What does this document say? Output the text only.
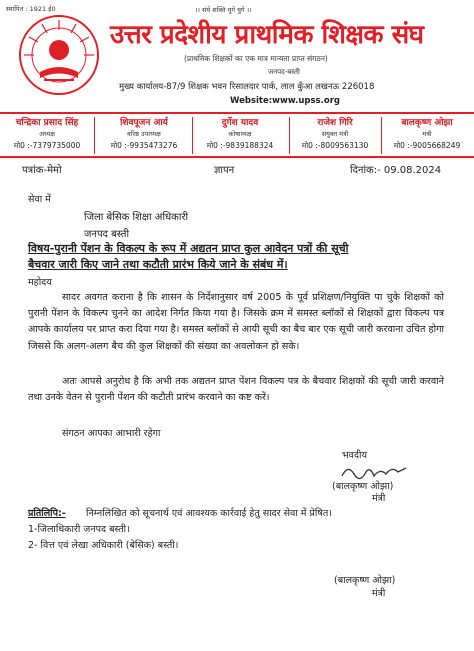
स्थापित : 1921 ई0	।। संघे शक्ति युगे युगे ।।
उत्तर प्रदेशीय प्राथमिक शिक्षक संघ
(प्राथमिक शिक्षकों का एक मात्र मान्यता प्राप्त संगठन)
जनपद-बस्ती
मुख्य कार्यालय-87/9 शिक्षक भवन रिसालदार पार्क, लाल कुँआ लखनऊ 226018
Website:www.upss.org
चन्द्रिका प्रसाद सिंह
अध्यक्ष
मो0 :-7379735000
शिवपूजन आर्य
वरिष्ठ उपाध्यक्ष
मो0 :-9935473276
दुर्गेश यादव
कोषाध्यक्ष
मो0 :-9839188324
राजेश गिरि
संयुक्त मंत्री
मो0 :-8009563130
बालकृष्ण ओझा
मंत्री
मो0 :-9005668249
पत्रांक-मेमो	ज्ञापन	दिनांक:- 09.08.2024
सेवा में
जिला बेसिक शिक्षा अधिकारी
जनपद बस्ती
विषय-पुरानी पेंशन के विकल्प के रूप में अद्यतन प्राप्त कुल आवेदन पत्रों की सूची
बैचवार जारी किए जाने तथा कटौती प्रारंभ किये जाने के संबंध में।
महोदय
सादर अवगत कराना है कि शासन के निर्देशानुसार वर्ष 2005 के पूर्व प्रशिक्षण/नियुक्ति पा चुके शिक्षकों को पुरानी पेंशन के विकल्प चुनने का आदेश निर्गत किया गया है। जिसके क्रम में समस्त ब्लॉकों से शिक्षकों द्वारा विकल्प पत्र आपके कार्यालय पर प्राप्त करा दिया गया है। समस्त ब्लॉकों से आयी सूची का बैच बार एक सूची जारी करवाना उचित होगा जिससे कि अलग-अलग बैच की कुल शिक्षकों की संख्या का अवलोकन हो सके।
अतः आपसे अनुरोध है कि अभी तक अद्यतन प्राप्त पेंशन विकल्प पत्र के बैचवार शिक्षकों की सूची जारी करवाने तथा उनके वेतन से पुरानी पेंशन की कटौती प्रारंभ करवाने का कष्ट करें।
संगठन आपका आभारी रहेगा
भवदीय
(बालकृष्ण ओझा)
मंत्री
प्रतिलिपि:- निम्नलिखित को सूचनार्थ एवं आवश्यक कार्रवाई हेतु सादर सेवा में प्रेषित।
1-जिलाधिकारी जनपद बस्ती।
2- वित्त एवं लेखा अधिकारी (बेसिक) बस्ती।
(बालकृष्ण ओझा)
मंत्री
